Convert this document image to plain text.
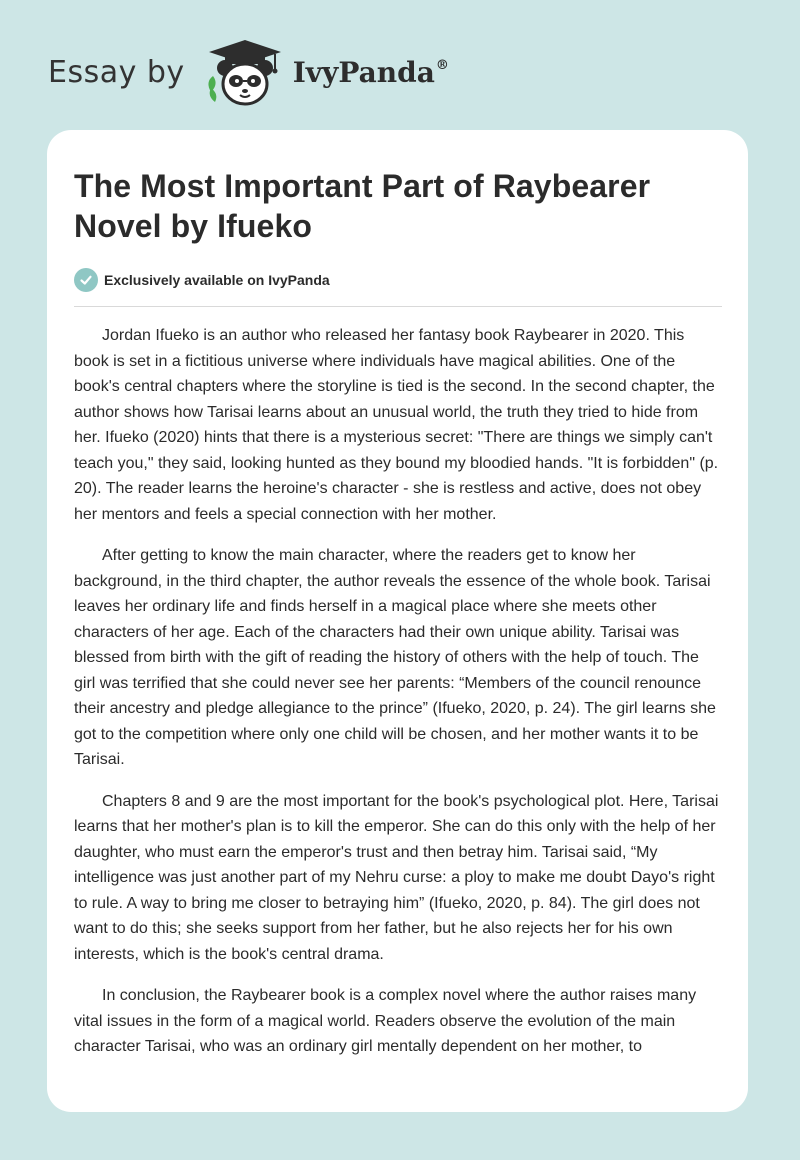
Essay by	IvyPanda®
The Most Important Part of Raybearer Novel by Ifueko
Exclusively available on IvyPanda

Jordan Ifueko is an author who released her fantasy book Raybearer in 2020. This book is set in a fictitious universe where individuals have magical abilities. One of the book's central chapters where the storyline is tied is the second. In the second chapter, the author shows how Tarisai learns about an unusual world, the truth they tried to hide from her. Ifueko (2020) hints that there is a mysterious secret: "There are things we simply can't teach you," they said, looking hunted as they bound my bloodied hands. "It is forbidden" (p. 20). The reader learns the heroine's character - she is restless and active, does not obey her mentors and feels a special connection with her mother.

After getting to know the main character, where the readers get to know her background, in the third chapter, the author reveals the essence of the whole book. Tarisai leaves her ordinary life and finds herself in a magical place where she meets other characters of her age. Each of the characters had their own unique ability. Tarisai was blessed from birth with the gift of reading the history of others with the help of touch. The girl was terrified that she could never see her parents: “Members of the council renounce their ancestry and pledge allegiance to the prince” (Ifueko, 2020, p. 24). The girl learns she got to the competition where only one child will be chosen, and her mother wants it to be Tarisai.

Chapters 8 and 9 are the most important for the book's psychological plot. Here, Tarisai learns that her mother's plan is to kill the emperor. She can do this only with the help of her daughter, who must earn the emperor's trust and then betray him. Tarisai said, “My intelligence was just another part of my Nehru curse: a ploy to make me doubt Dayo's right to rule. A way to bring me closer to betraying him” (Ifueko, 2020, p. 84). The girl does not want to do this; she seeks support from her father, but he also rejects her for his own interests, which is the book's central drama.

In conclusion, the Raybearer book is a complex novel where the author raises many vital issues in the form of a magical world. Readers observe the evolution of the main character Tarisai, who was an ordinary girl mentally dependent on her mother, to
